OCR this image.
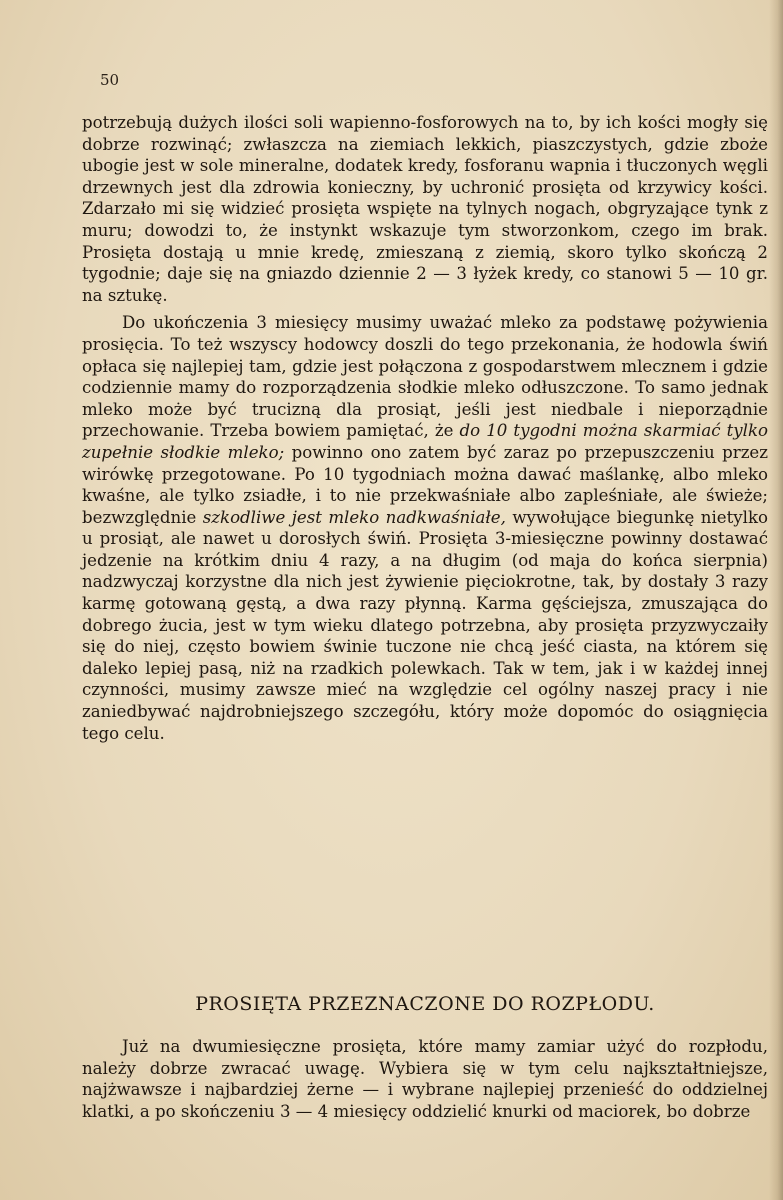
50

potrzebują dużych ilości soli wapienno-fosforowych na to, by ich kości mogły się dobrze rozwinąć; zwłaszcza na ziemiach lekkich, piaszczystych, gdzie zboże ubogie jest w sole mineralne, dodatek kredy, fosforanu wapnia i tłuczonych węgli drzewnych jest dla zdrowia konieczny, by uchronić prosięta od krzywicy kości. Zdarzało mi się widzieć prosięta wspięte na tylnych nogach, obgryzające tynk z muru; dowodzi to, że instynkt wskazuje tym stworzonkom, czego im brak. Prosięta dostają u mnie kredę, zmieszaną z ziemią, skoro tylko skończą 2 tygodnie; daje się na gniazdo dziennie 2 — 3 łyżek kredy, co stanowi 5 — 10 gr. na sztukę.

Do ukończenia 3 miesięcy musimy uważać mleko za podstawę pożywienia prosięcia. To też wszyscy hodowcy doszli do tego przekonania, że hodowla świń opłaca się najlepiej tam, gdzie jest połączona z gospodarstwem mlecznem i gdzie codziennie mamy do rozporządzenia słodkie mleko odłuszczone. To samo jednak mleko może być trucizną dla prosiąt, jeśli jest niedbale i nieporządnie przechowanie. Trzeba bowiem pamiętać, że do 10 tygodni można skarmiać tylko zupełnie słodkie mleko; powinno ono zatem być zaraz po przepuszczeniu przez wirówkę przegotowane. Po 10 tygodniach można dawać maślankę, albo mleko kwaśne, ale tylko zsiadłe, i to nie przekwaśniałe albo zapleśniałe, ale świeże; bezwzględnie szkodliwe jest mleko nadkwaśniałe, wywołujące biegunkę nietylko u prosiąt, ale nawet u dorosłych świń. Prosięta 3-miesięczne powinny dostawać jedzenie na krótkim dniu 4 razy, a na długim (od maja do końca sierpnia) nadzwyczaj korzystne dla nich jest żywienie pięciokrotne, tak, by dostały 3 razy karmę gotowaną gęstą, a dwa razy płynną. Karma gęściejsza, zmuszająca do dobrego żucia, jest w tym wieku dlatego potrzebna, aby prosięta przyzwyczaiły się do niej, często bowiem świnie tuczone nie chcą jeść ciasta, na którem się daleko lepiej pasą, niż na rzadkich polewkach. Tak w tem, jak i w każdej innej czynności, musimy zawsze mieć na względzie cel ogólny naszej pracy i nie zaniedbywać najdrobniejszego szczegółu, który może dopomóc do osiągnięcia tego celu.

PROSIĘTA PRZEZNACZONE DO ROZPŁODU.

Już na dwumiesięczne prosięta, które mamy zamiar użyć do rozpłodu, należy dobrze zwracać uwagę. Wybiera się w tym celu najkształtniejsze, najżwawsze i najbardziej żerne — i wybrane najlepiej przenieść do oddzielnej klatki, a po skończeniu 3 — 4 miesięcy oddzielić knurki od maciorek, bo dobrze
